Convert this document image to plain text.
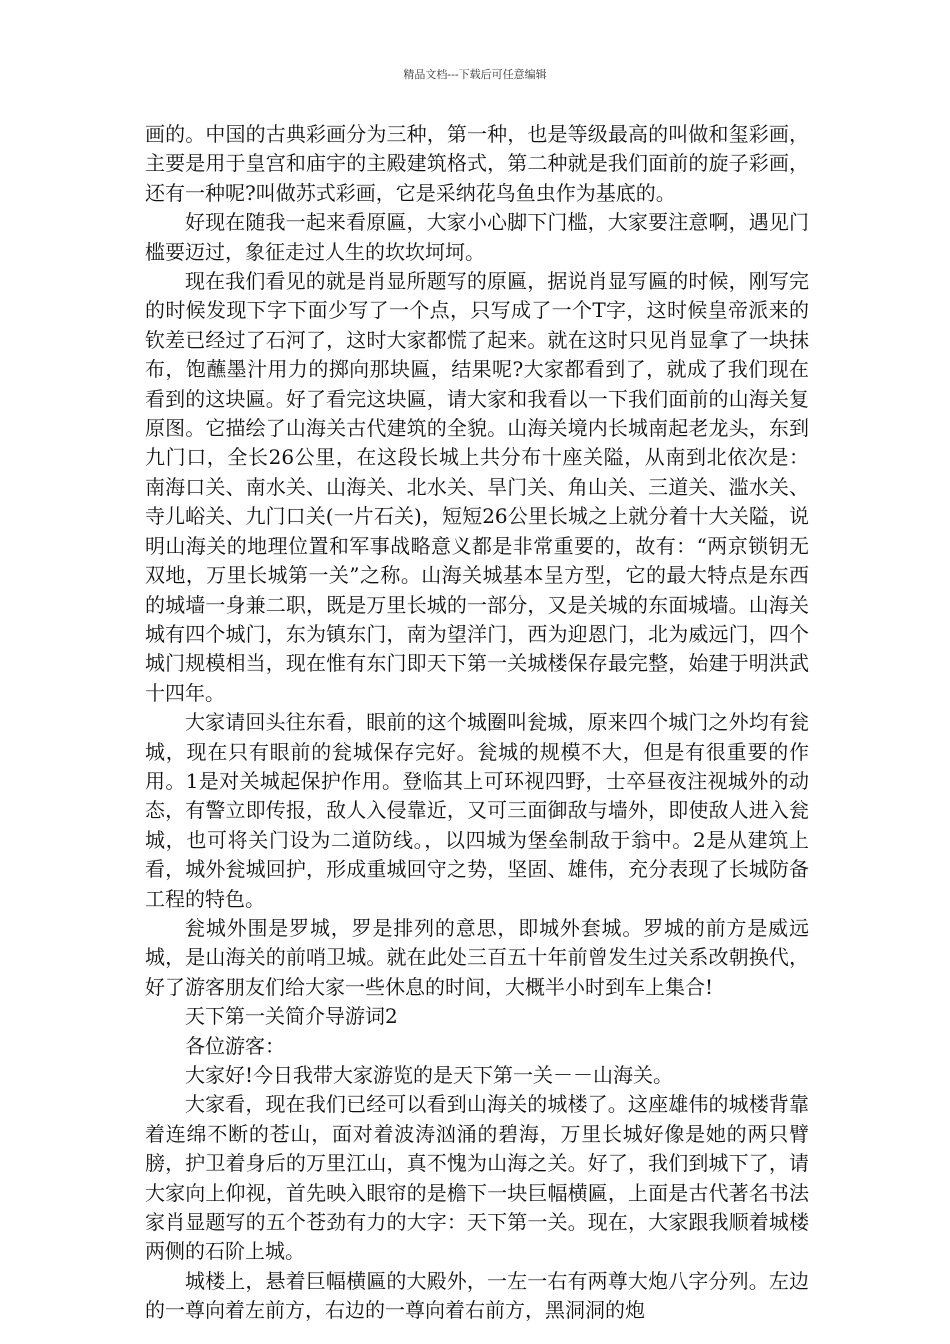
精品文档---下载后可任意编辑

画的。中国的古典彩画分为三种，第一种，也是等级最高的叫做和玺彩画，主要是用于皇宫和庙宇的主殿建筑格式，第二种就是我们面前的旋子彩画，还有一种呢?叫做苏式彩画，它是采纳花鸟鱼虫作为基底的。

好现在随我一起来看原匾，大家小心脚下门槛，大家要注意啊，遇见门槛要迈过，象征走过人生的坎坎坷坷。

现在我们看见的就是肖显所题写的原匾，据说肖显写匾的时候，刚写完的时候发现下字下面少写了一个点，只写成了一个T字，这时候皇帝派来的钦差已经过了石河了，这时大家都慌了起来。就在这时只见肖显拿了一块抹布，饱蘸墨汁用力的掷向那块匾，结果呢?大家都看到了，就成了我们现在看到的这块匾。好了看完这块匾，请大家和我看以一下我们面前的山海关复原图。它描绘了山海关古代建筑的全貌。山海关境内长城南起老龙头，东到九门口，全长26公里，在这段长城上共分布十座关隘，从南到北依次是：南海口关、南水关、山海关、北水关、旱门关、角山关、三道关、滥水关、寺儿峪关、九门口关(一片石关)，短短26公里长城之上就分着十大关隘，说明山海关的地理位置和军事战略意义都是非常重要的，故有：“两京锁钥无双地，万里长城第一关”之称。山海关城基本呈方型，它的最大特点是东西的城墙一身兼二职，既是万里长城的一部分，又是关城的东面城墙。山海关城有四个城门，东为镇东门，南为望洋门，西为迎恩门，北为威远门，四个城门规模相当，现在惟有东门即天下第一关城楼保存最完整，始建于明洪武十四年。

大家请回头往东看，眼前的这个城圈叫瓮城，原来四个城门之外均有瓮城，现在只有眼前的瓮城保存完好。瓮城的规模不大，但是有很重要的作用。1是对关城起保护作用。登临其上可环视四野，士卒昼夜注视城外的动态，有警立即传报，敌人入侵靠近，又可三面御敌与墙外，即使敌人进入瓮城，也可将关门设为二道防线。，以四城为堡垒制敌于翁中。2是从建筑上看，城外瓮城回护，形成重城回守之势，坚固、雄伟，充分表现了长城防备工程的特色。

瓮城外围是罗城，罗是排列的意思，即城外套城。罗城的前方是威远城，是山海关的前哨卫城。就在此处三百五十年前曾发生过关系改朝换代，好了游客朋友们给大家一些休息的时间，大概半小时到车上集合!

天下第一关简介导游词2

各位游客：

大家好!今日我带大家游览的是天下第一关－－山海关。

大家看，现在我们已经可以看到山海关的城楼了。这座雄伟的城楼背靠着连绵不断的苍山，面对着波涛汹涌的碧海，万里长城好像是她的两只臂膀，护卫着身后的万里江山，真不愧为山海之关。好了，我们到城下了，请大家向上仰视，首先映入眼帘的是檐下一块巨幅横匾，上面是古代著名书法家肖显题写的五个苍劲有力的大字：天下第一关。现在，大家跟我顺着城楼两侧的石阶上城。

城楼上，悬着巨幅横匾的大殿外，一左一右有两尊大炮八字分列。左边的一尊向着左前方，右边的一尊向着右前方，黑洞洞的炮
